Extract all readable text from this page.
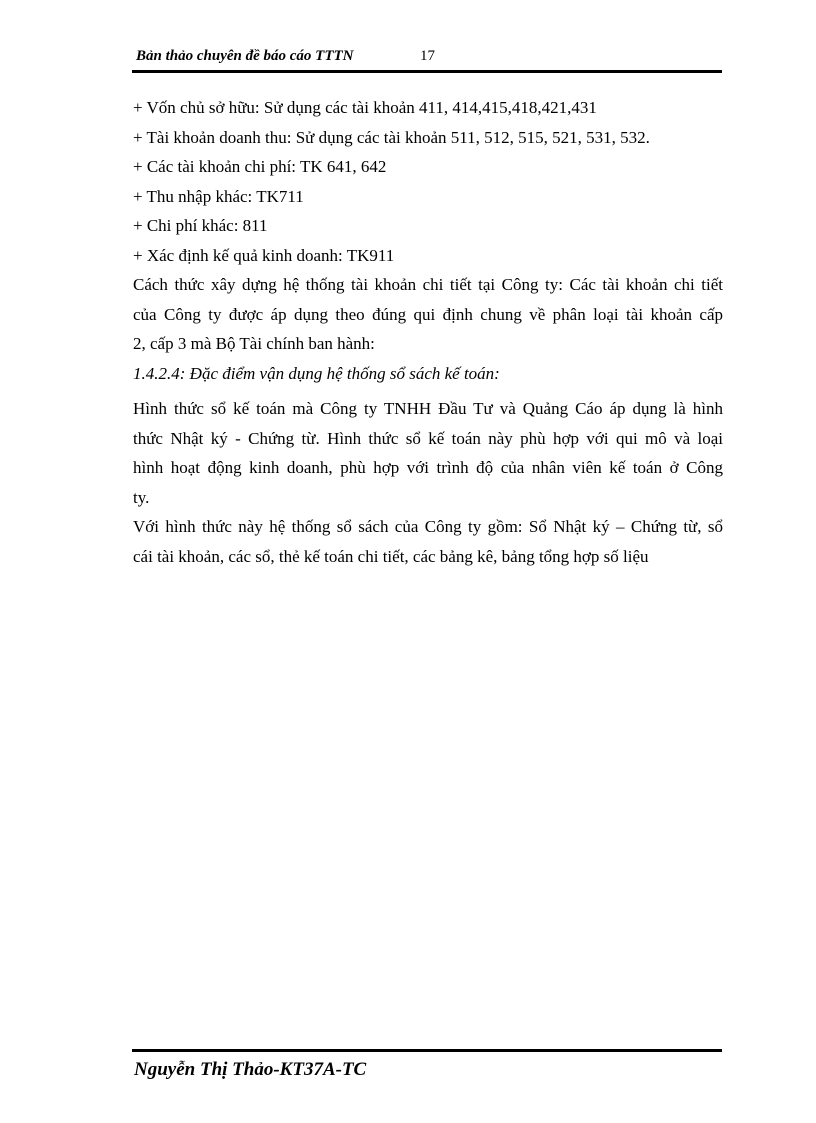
Bản thảo chuyên đề báo cáo TTTN	17
+ Vốn chủ sở hữu: Sử dụng các tài khoản 411, 414,415,418,421,431
+ Tài khoản doanh thu: Sử dụng các tài khoản 511, 512, 515, 521, 531, 532.
+ Các tài khoản chi phí: TK 641, 642
+ Thu nhập khác: TK711
+ Chi phí khác: 811
+ Xác định kế quả kinh doanh: TK911
Cách thức xây dựng hệ thống tài khoản chi tiết tại Công ty: Các tài khoản chi tiết
của Công ty được áp dụng theo đúng qui định chung về phân loại tài khoản cấp
2, cấp 3 mà Bộ Tài chính ban hành:
1.4.2.4: Đặc điểm vận dụng hệ thống sổ sách kế toán:
Hình thức sổ kế toán mà Công ty TNHH Đầu Tư và Quảng Cáo áp dụng là hình
thức Nhật ký - Chứng từ. Hình thức sổ kế toán này phù hợp với qui mô và loại
hình hoạt động kinh doanh, phù hợp với trình độ của nhân viên kế toán ở Công
ty.
Với hình thức này hệ thống sổ sách của Công ty gồm: Sổ Nhật ký – Chứng từ, sổ
cái tài khoản, các sổ, thẻ kế toán chi tiết, các bảng kê, bảng tổng hợp số liệu
Nguyễn Thị Thảo-KT37A-TC
